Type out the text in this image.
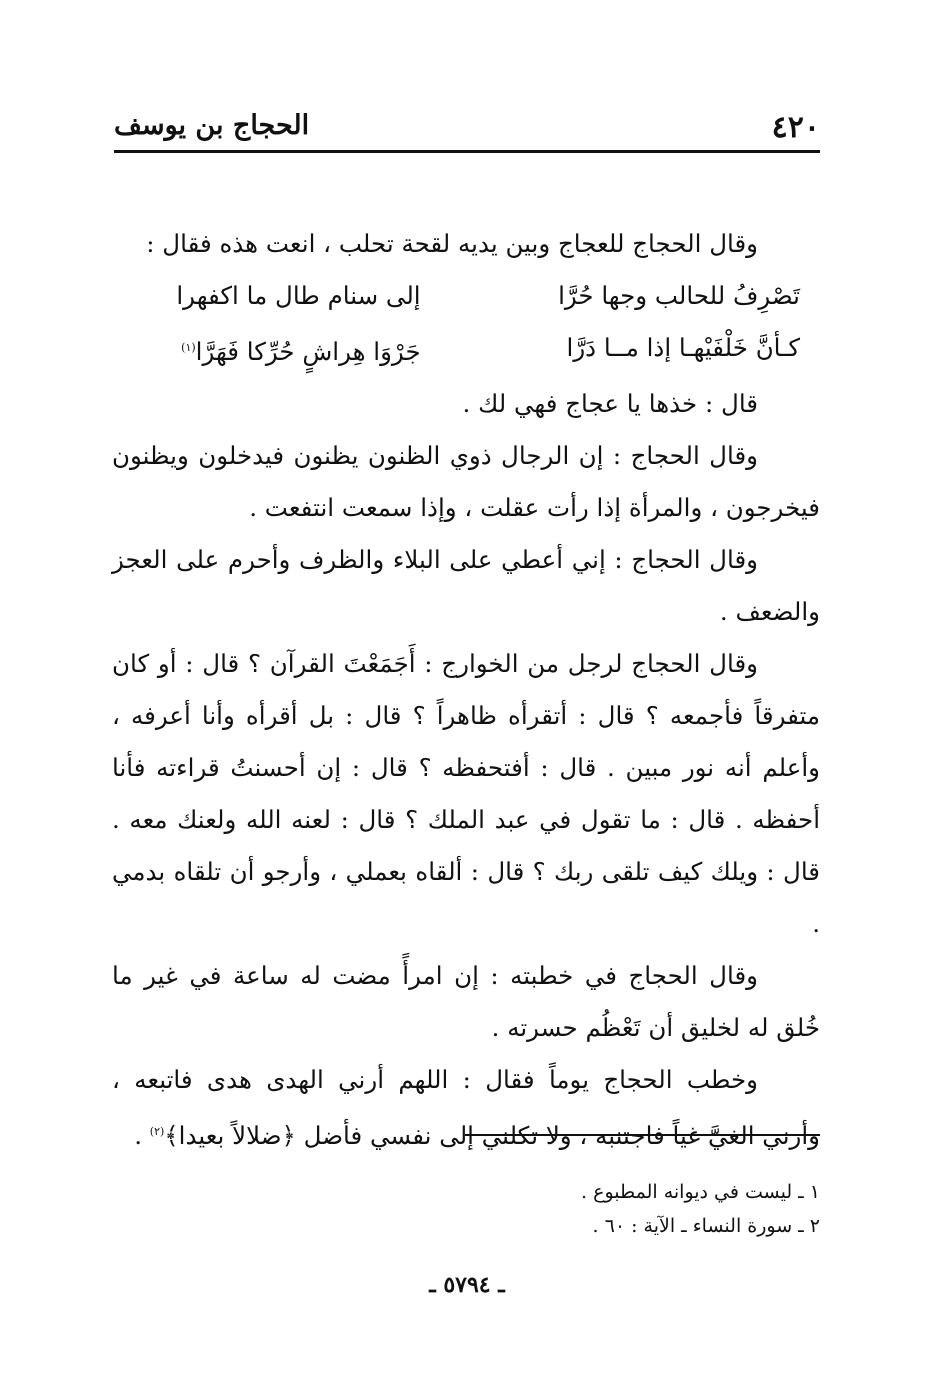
٤٢٠
الحجاج بن يوسف

وقال الحجاج للعجاج وبين يديه لقحة تحلب ، انعت هذه فقال :

تَصْرِفُ للحالب وجها حُرَّا
إلى سنام طال ما اكفهرا
كـأنَّ خَلْفَيْهـا إذا مــا دَرَّا
جَرْوَا هِراشٍ حُرِّكا فَهَرَّا$^{(١)}$

قال : خذها يا عجاج فهي لك .

وقال الحجاج : إن الرجال ذوي الظنون يظنون فيدخلون ويظنون فيخرجون ، والمرأة إذا رأت عقلت ، وإذا سمعت انتفعت .

وقال الحجاج : إني أعطي على البلاء والظرف وأحرم على العجز والضعف .

وقال الحجاج لرجل من الخوارج : أَجَمَعْتَ القرآن ؟ قال : أو كان متفرقاً فأجمعه ؟ قال : أتقرأه ظاهراً ؟ قال : بل أقرأه وأنا أعرفه ، وأعلم أنه نور مبين . قال : أفتحفظه ؟ قال : إن أحسنتُ قراءته فأنا أحفظه . قال : ما تقول في عبد الملك ؟ قال : لعنه الله ولعنك معه . قال : ويلك كيف تلقى ربك ؟ قال : ألقاه بعملي ، وأرجو أن تلقاه بدمي .

وقال الحجاج في خطبته : إن امرأً مضت له ساعة في غير ما خُلق له لخليق أن تَعْظُم حسرته .

وخطب الحجاج يوماً فقال : اللهم أرني الهدى هدى فاتبعه ، وأرني الغيَّ غياً فاجتنبه ، ولا تكلني إلى نفسي فأضل ﴿ضلالاً بعيدا﴾$^{(٢)}$ .

١ ـ ليست في ديوانه المطبوع .
٢ ـ سورة النساء ـ الآية : ٦٠ .
ـ ٥٧٩٤ ـ
